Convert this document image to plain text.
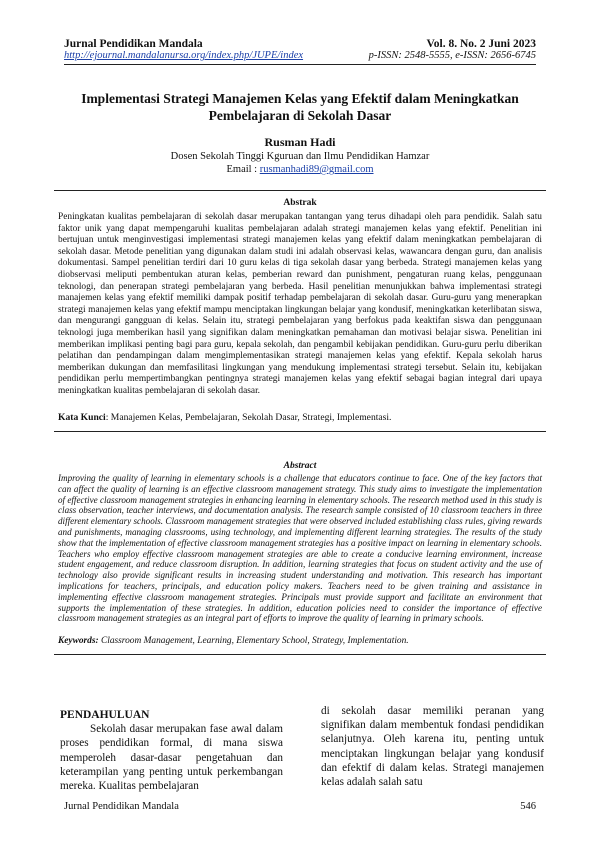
Jurnal Pendidikan Mandala	Vol. 8. No. 2 Juni 2023
http://ejournal.mandalanursa.org/index.php/JUPE/index	p-ISSN: 2548-5555, e-ISSN: 2656-6745
Implementasi Strategi Manajemen Kelas yang Efektif dalam Meningkatkan
Pembelajaran di Sekolah Dasar
Rusman Hadi
Dosen Sekolah Tinggi Kguruan dan Ilmu Pendidikan Hamzar
Email : rusmanhadi89@gmail.com
Abstrak
Peningkatan kualitas pembelajaran di sekolah dasar merupakan tantangan yang terus dihadapi oleh para pendidik. Salah satu faktor unik yang dapat mempengaruhi kualitas pembelajaran adalah strategi manajemen kelas yang efektif. Penelitian ini bertujuan untuk menginvestigasi implementasi strategi manajemen kelas yang efektif dalam meningkatkan pembelajaran di sekolah dasar. Metode penelitian yang digunakan dalam studi ini adalah observasi kelas, wawancara dengan guru, dan analisis dokumentasi. Sampel penelitian terdiri dari 10 guru kelas di tiga sekolah dasar yang berbeda. Strategi manajemen kelas yang diobservasi meliputi pembentukan aturan kelas, pemberian reward dan punishment, pengaturan ruang kelas, penggunaan teknologi, dan penerapan strategi pembelajaran yang berbeda. Hasil penelitian menunjukkan bahwa implementasi strategi manajemen kelas yang efektif memiliki dampak positif terhadap pembelajaran di sekolah dasar. Guru-guru yang menerapkan strategi manajemen kelas yang efektif mampu menciptakan lingkungan belajar yang kondusif, meningkatkan keterlibatan siswa, dan mengurangi gangguan di kelas. Selain itu, strategi pembelajaran yang berfokus pada keaktifan siswa dan penggunaan teknologi juga memberikan hasil yang signifikan dalam meningkatkan pemahaman dan motivasi belajar siswa. Penelitian ini memberikan implikasi penting bagi para guru, kepala sekolah, dan pengambil kebijakan pendidikan. Guru-guru perlu diberikan pelatihan dan pendampingan dalam mengimplementasikan strategi manajemen kelas yang efektif. Kepala sekolah harus memberikan dukungan dan memfasilitasi lingkungan yang mendukung implementasi strategi tersebut. Selain itu, kebijakan pendidikan perlu mempertimbangkan pentingnya strategi manajemen kelas yang efektif sebagai bagian integral dari upaya meningkatkan kualitas pembelajaran di sekolah dasar.
Kata Kunci: Manajemen Kelas, Pembelajaran, Sekolah Dasar, Strategi, Implementasi.
Abstract
Improving the quality of learning in elementary schools is a challenge that educators continue to face. One of the key factors that can affect the quality of learning is an effective classroom management strategy. This study aims to investigate the implementation of effective classroom management strategies in enhancing learning in elementary schools. The research method used in this study is class observation, teacher interviews, and documentation analysis. The research sample consisted of 10 classroom teachers in three different elementary schools. Classroom management strategies that were observed included establishing class rules, giving rewards and punishments, managing classrooms, using technology, and implementing different learning strategies. The results of the study show that the implementation of effective classroom management strategies has a positive impact on learning in elementary schools. Teachers who employ effective classroom management strategies are able to create a conducive learning environment, increase student engagement, and reduce classroom disruption. In addition, learning strategies that focus on student activity and the use of technology also provide significant results in increasing student understanding and motivation. This research has important implications for teachers, principals, and education policy makers. Teachers need to be given training and assistance in implementing effective classroom management strategies. Principals must provide support and facilitate an environment that supports the implementation of these strategies. In addition, education policies need to consider the importance of effective classroom management strategies as an integral part of efforts to improve the quality of learning in primary schools.
Keywords: Classroom Management, Learning, Elementary School, Strategy, Implementation.
PENDAHULUAN

Sekolah dasar merupakan fase awal dalam proses pendidikan formal, di mana siswa memperoleh dasar-dasar pengetahuan dan keterampilan yang penting untuk perkembangan mereka. Kualitas pembelajaran

di sekolah dasar memiliki peranan yang signifikan dalam membentuk fondasi pendidikan selanjutnya. Oleh karena itu, penting untuk menciptakan lingkungan belajar yang kondusif dan efektif di dalam kelas. Strategi manajemen kelas adalah salah satu

Jurnal Pendidikan Mandala	546
